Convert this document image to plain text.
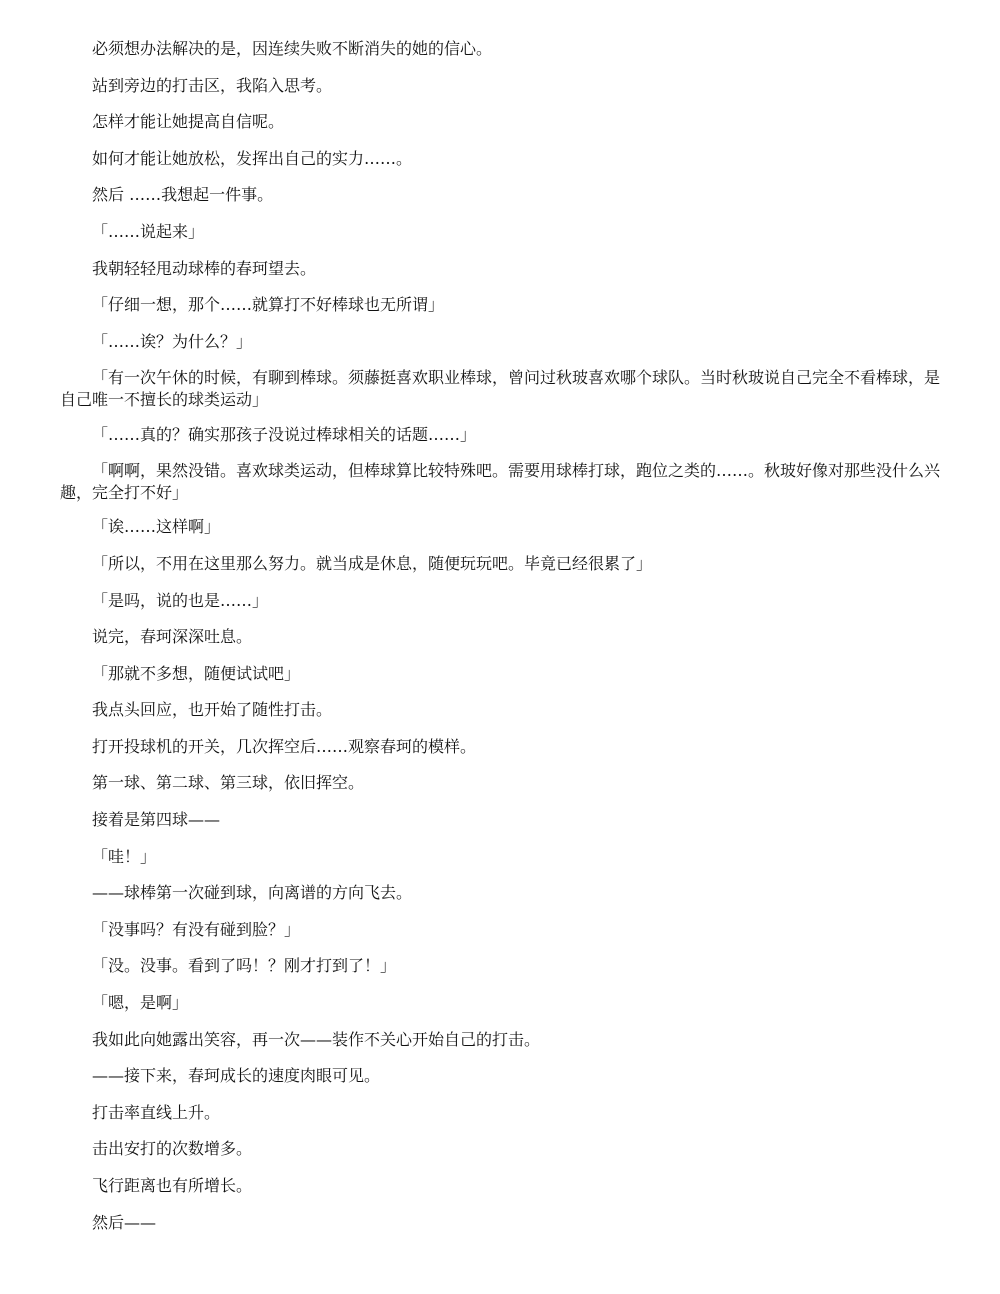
必须想办法解决的是，因连续失败不断消失的她的信心。

站到旁边的打击区，我陷入思考。

怎样才能让她提高自信呢。

如何才能让她放松，发挥出自己的实力……。

然后 ……我想起一件事。

「……说起来」

我朝轻轻甩动球棒的春珂望去。

「仔细一想，那个……就算打不好棒球也无所谓」

「……诶？为什么？」

「有一次午休的时候，有聊到棒球。须藤挺喜欢职业棒球，曾问过秋玻喜欢哪个球队。当时秋玻说自己完全不看棒球，是自己唯一不擅长的球类运动」

「……真的？确实那孩子没说过棒球相关的话题……」

「啊啊，果然没错。喜欢球类运动，但棒球算比较特殊吧。需要用球棒打球，跑位之类的……。秋玻好像对那些没什么兴趣，完全打不好」

「诶……这样啊」

「所以，不用在这里那么努力。就当成是休息，随便玩玩吧。毕竟已经很累了」

「是吗，说的也是……」

说完，春珂深深吐息。

「那就不多想，随便试试吧」

我点头回应，也开始了随性打击。

打开投球机的开关，几次挥空后……观察春珂的模样。

第一球、第二球、第三球，依旧挥空。

接着是第四球——

「哇！」

——球棒第一次碰到球，向离谱的方向飞去。

「没事吗？有没有碰到脸？」

「没。没事。看到了吗！？刚才打到了！」

「嗯，是啊」

我如此向她露出笑容，再一次——装作不关心开始自己的打击。

——接下来，春珂成长的速度肉眼可见。

打击率直线上升。

击出安打的次数增多。

飞行距离也有所增长。

然后——
